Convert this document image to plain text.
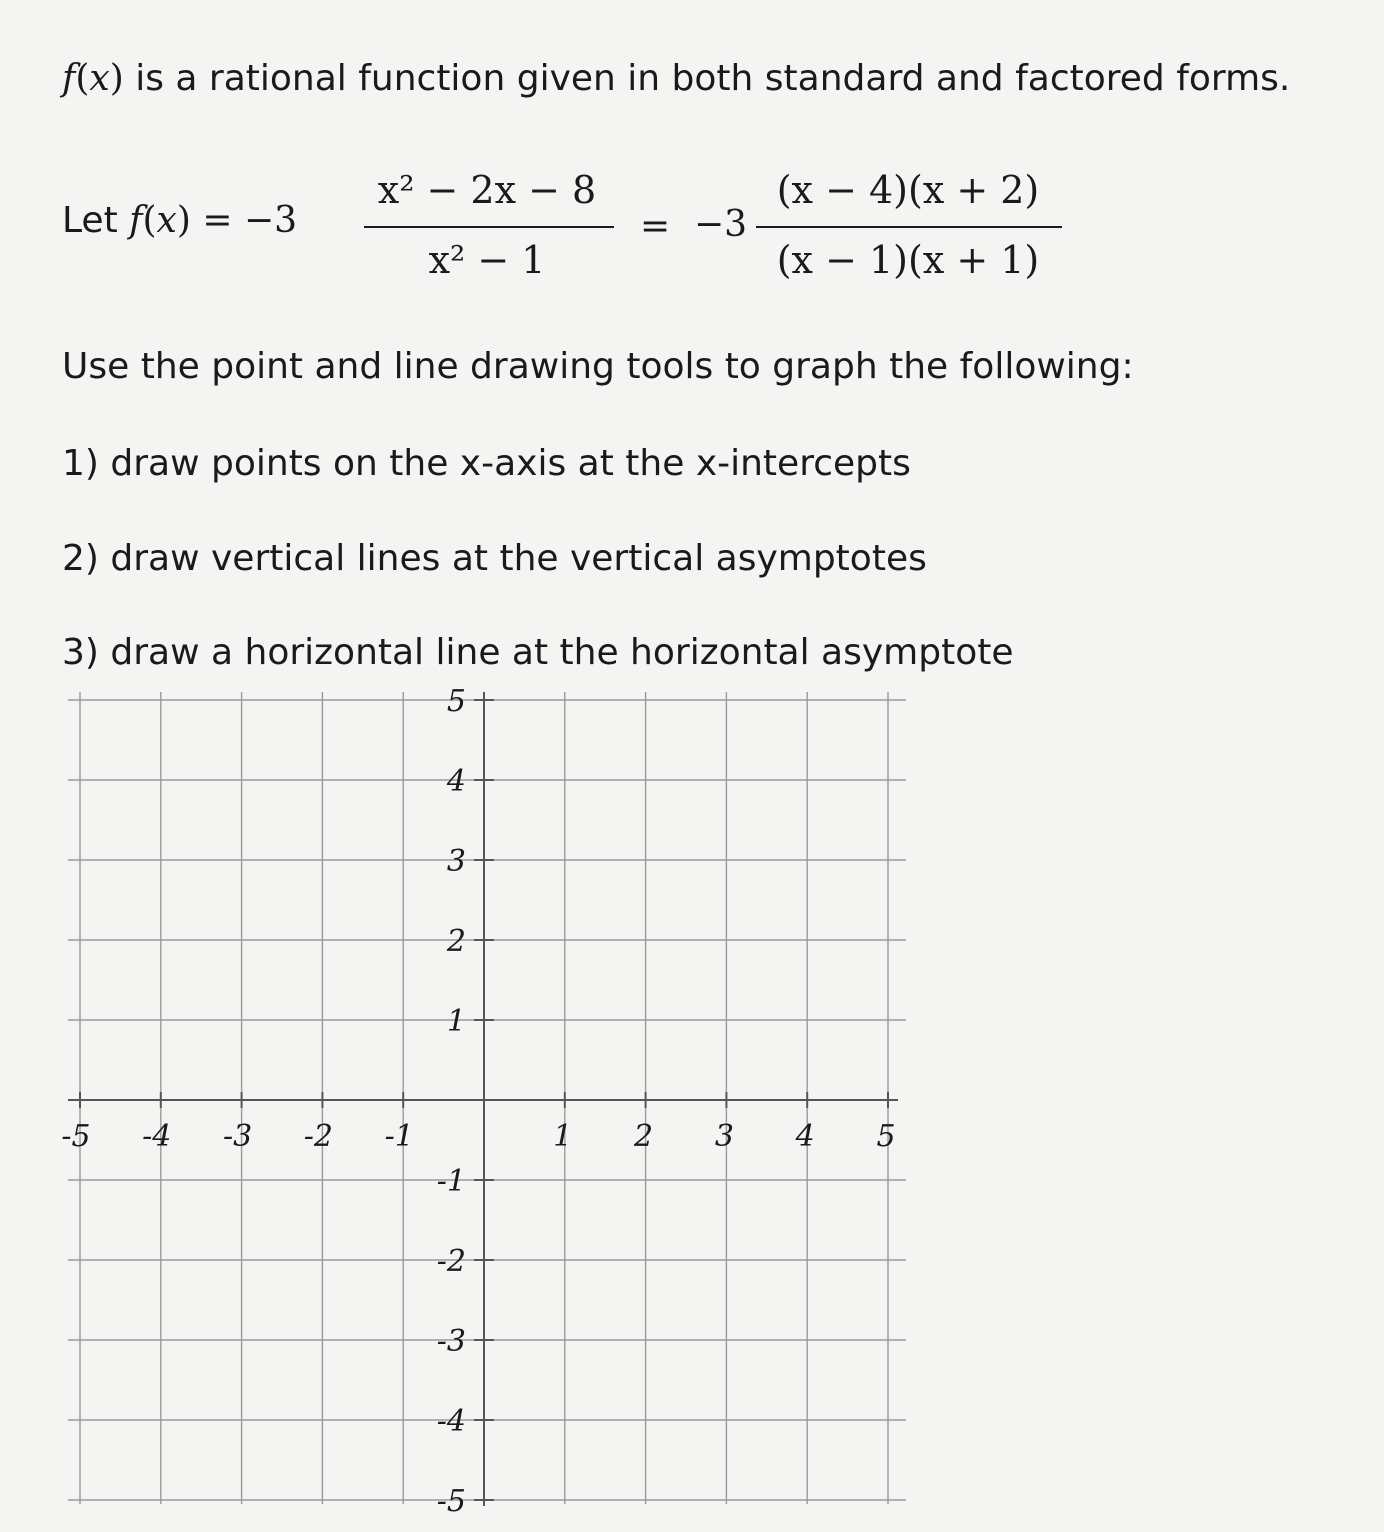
f(x) is a rational function given in both standard and factored forms.
Let f(x) = −3
x² − 2x − 8
x² − 1
= −3
(x − 4)(x + 2)
(x − 1)(x + 1)
Use the point and line drawing tools to graph the following:
1) draw points on the x-axis at the x-intercepts
2) draw vertical lines at the vertical asymptotes
3) draw a horizontal line at the horizontal asymptote
-5 -4 -3 -2 -1	1 2 3 4 5
5
4
3
2
1
-1
-2
-3
-4
-5
